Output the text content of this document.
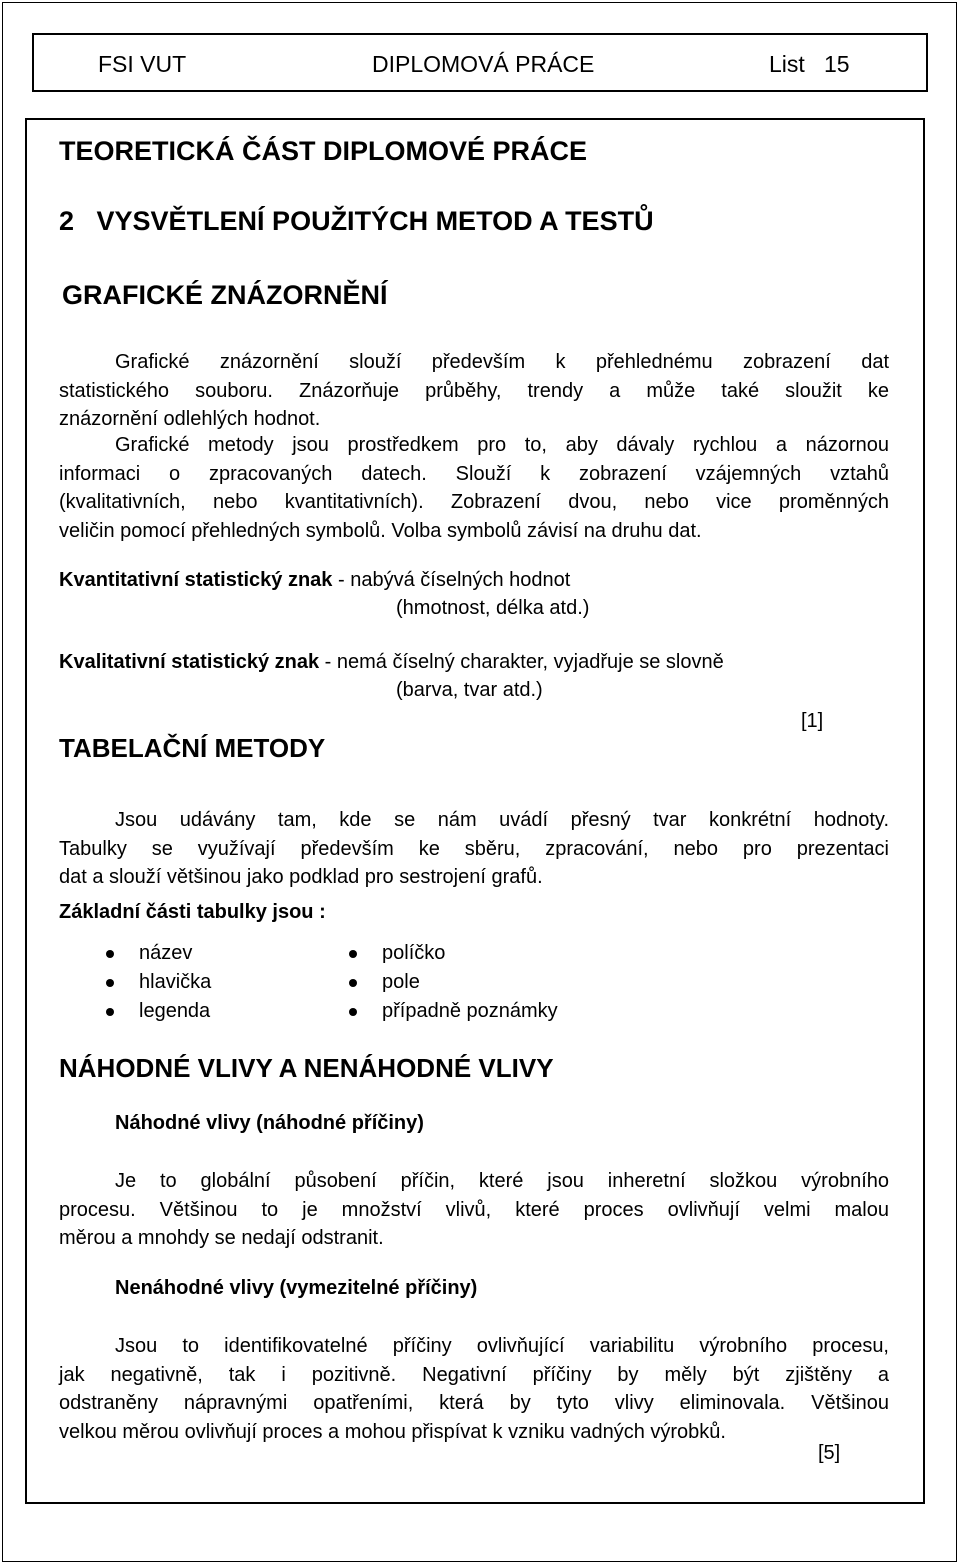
FSI VUT	DIPLOMOVÁ PRÁCE	List   15
TEORETICKÁ ČÁST DIPLOMOVÉ PRÁCE
2   VYSVĚTLENÍ POUŽITÝCH METOD A TESTŮ
GRAFICKÉ ZNÁZORNĚNÍ
Grafické znázornění slouží především k přehlednému zobrazení dat
statistického souboru. Znázorňuje průběhy, trendy a může také sloužit ke
znázornění odlehlých hodnot.
Grafické metody jsou prostředkem pro to, aby dávaly rychlou a názornou
informaci o zpracovaných datech. Slouží k zobrazení vzájemných vztahů
(kvalitativních, nebo kvantitativních). Zobrazení dvou, nebo vice proměnných
veličin pomocí přehledných symbolů. Volba symbolů závisí na druhu dat.
Kvantitativní statistický znak - nabývá číselných hodnot
(hmotnost, délka atd.)
Kvalitativní statistický znak - nemá číselný charakter, vyjadřuje se slovně
(barva, tvar atd.)
[1]
TABELAČNÍ METODY
Jsou udávány tam, kde se nám uvádí přesný tvar konkrétní hodnoty.
Tabulky se využívají především ke sběru, zpracování, nebo pro prezentaci
dat a slouží většinou jako podklad pro sestrojení grafů.
Základní části tabulky jsou :
název
hlavička
legenda
políčko
pole
případně poznámky
NÁHODNÉ VLIVY A NENÁHODNÉ VLIVY
Náhodné vlivy (náhodné příčiny)
Je to globální působení příčin, které jsou inheretní složkou výrobního
procesu. Většinou to je množství vlivů, které proces ovlivňují velmi malou
měrou a mnohdy se nedají odstranit.
Nenáhodné vlivy (vymezitelné příčiny)
Jsou to identifikovatelné příčiny ovlivňující variabilitu výrobního procesu,
jak negativně, tak i pozitivně. Negativní příčiny by měly být zjištěny a
odstraněny nápravnými opatřeními, která by tyto vlivy eliminovala. Většinou
velkou měrou ovlivňují proces a mohou přispívat k vzniku vadných výrobků.
[5]
